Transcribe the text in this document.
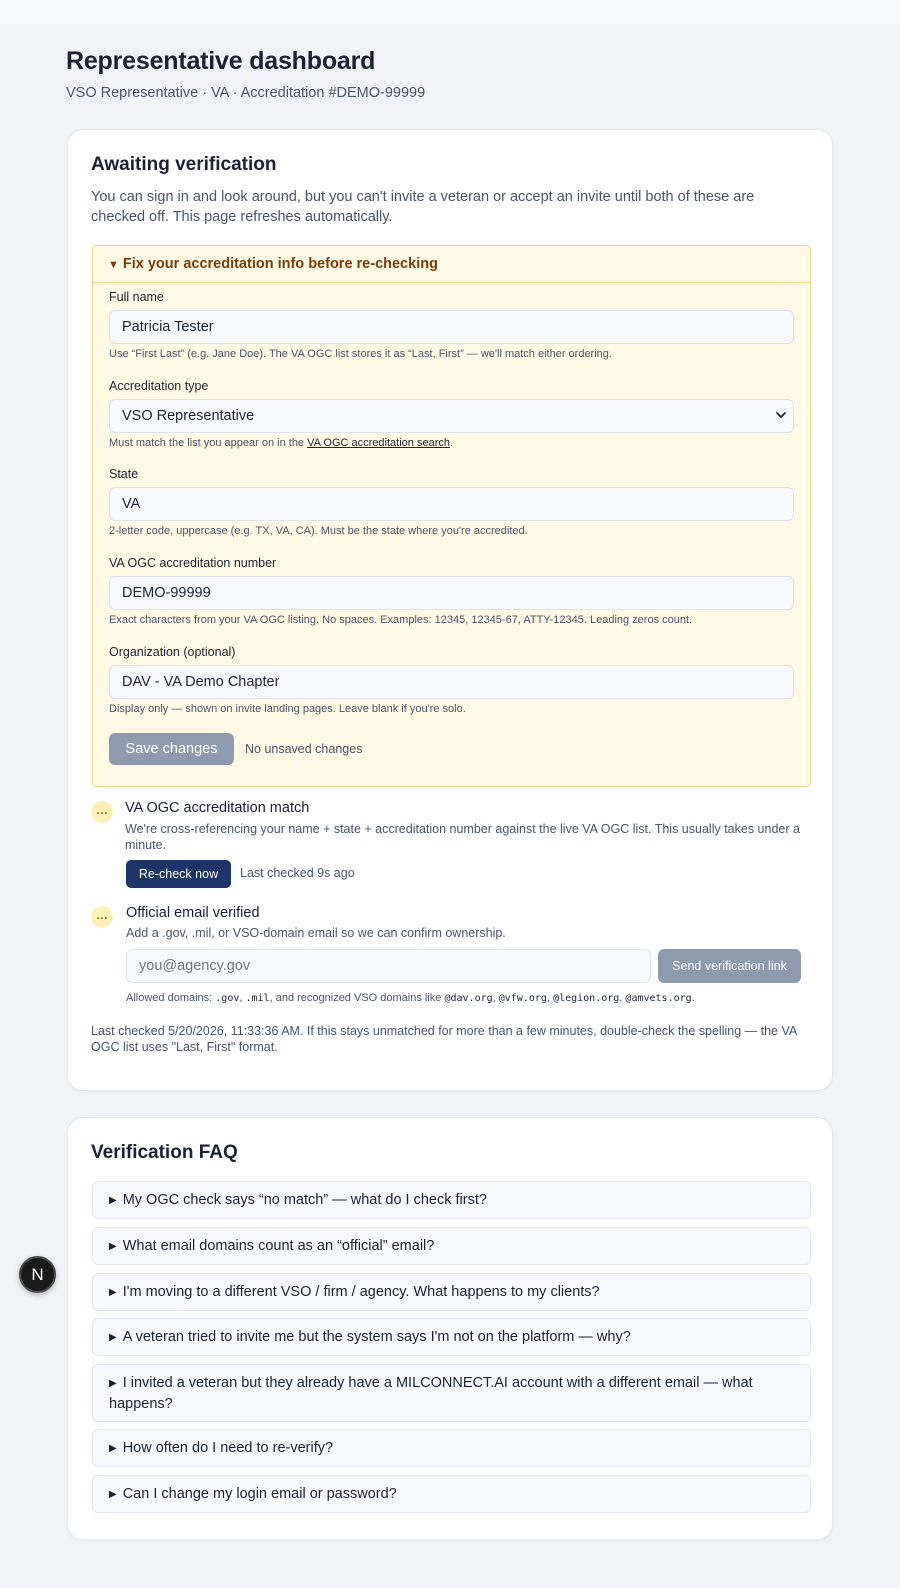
Representative dashboard
VSO Representative · VA · Accreditation #DEMO-99999
Awaiting verification

You can sign in and look around, but you can't invite a veteran or accept an invite until both of these are checked off. This page refreshes automatically.

▼ Fix your accreditation info before re-checking
Full name
Patricia Tester
Use “First Last” (e.g. Jane Doe). The VA OGC list stores it as “Last, First” — we'll match either ordering.
Accreditation type
VSO Representative
Must match the list you appear on in the VA OGC accreditation search.
State
VA
2-letter code, uppercase (e.g. TX, VA, CA). Must be the state where you're accredited.
VA OGC accreditation number
DEMO-99999
Exact characters from your VA OGC listing. No spaces. Examples: 12345, 12345-67, ATTY-12345. Leading zeros count.
Organization (optional)
DAV - VA Demo Chapter
Display only — shown on invite landing pages. Leave blank if you're solo.
Save changes	No unsaved changes
…	VA OGC accreditation match
We're cross-referencing your name + state + accreditation number against the live VA OGC list. This usually takes under a minute.
Re-check now	Last checked 9s ago
…	Official email verified
Add a .gov, .mil, or VSO-domain email so we can confirm ownership.
you@agency.gov
Send verification link
Allowed domains: .gov, .mil, and recognized VSO domains like @dav.org, @vfw.org, @legion.org, @amvets.org.

Last checked 5/20/2026, 11:33:36 AM. If this stays unmatched for more than a few minutes, double-check the spelling — the VA OGC list uses "Last, First" format.

Verification FAQ
▶ My OGC check says “no match” — what do I check first?
▶ What email domains count as an “official” email?
▶ I'm moving to a different VSO / firm / agency. What happens to my clients?
▶ A veteran tried to invite me but the system says I'm not on the platform — why?
▶ I invited a veteran but they already have a MILCONNECT.AI account with a different email — what happens?
▶ How often do I need to re-verify?
▶ Can I change my login email or password?
N
